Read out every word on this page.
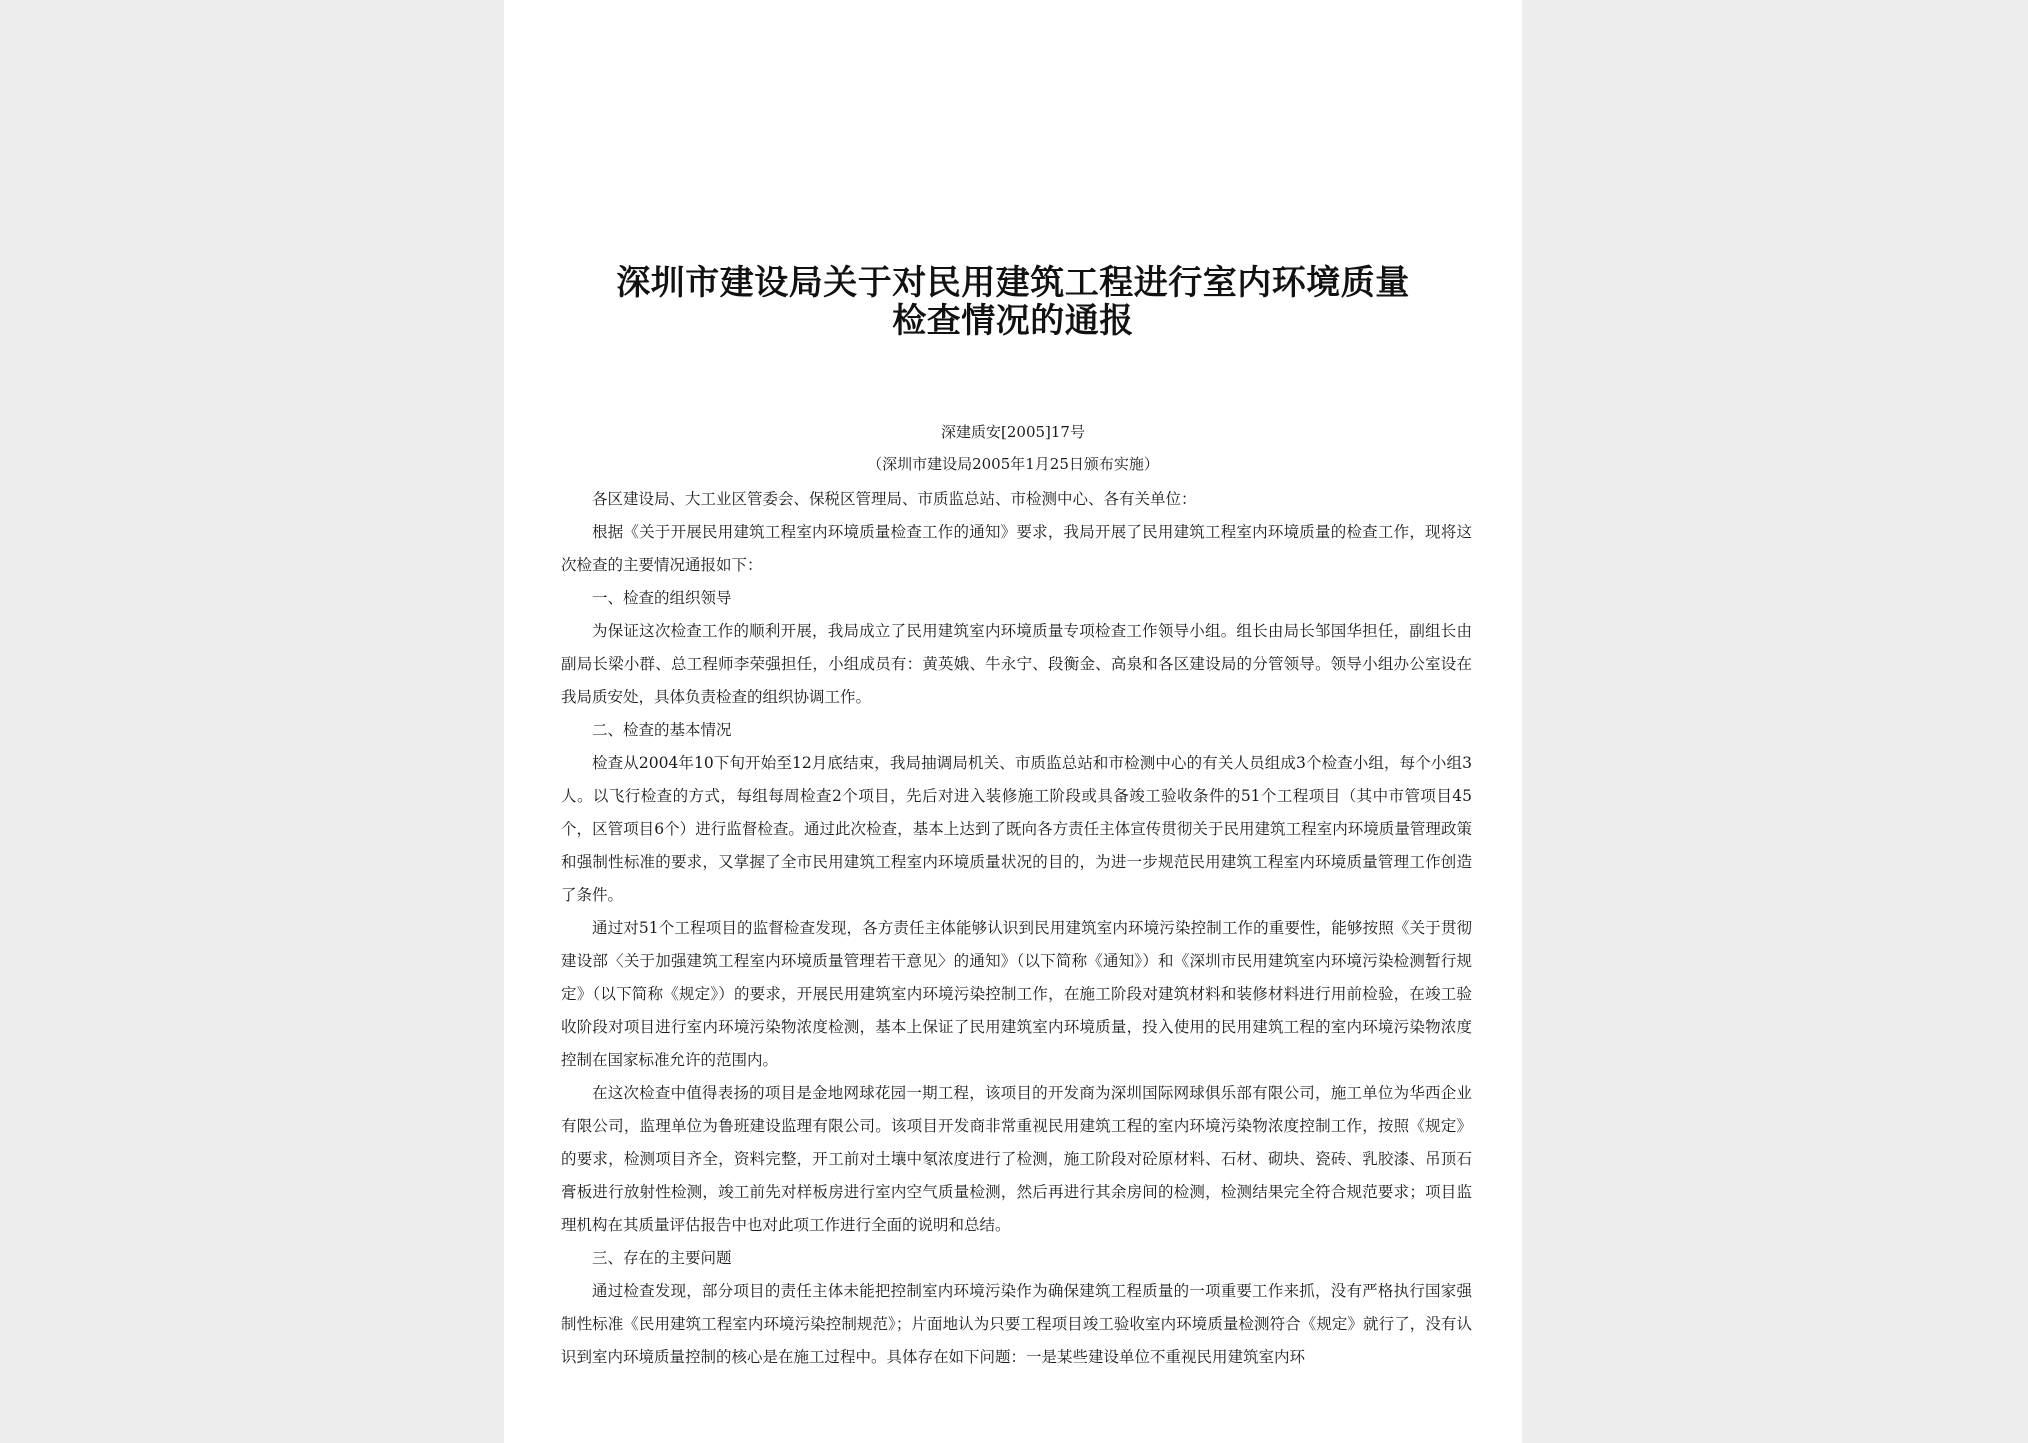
深圳市建设局关于对民用建筑工程进行室内环境质量
检查情况的通报
深建质安[2005]17号
（深圳市建设局2005年1月25日颁布实施）

各区建设局、大工业区管委会、保税区管理局、市质监总站、市检测中心、各有关单位：

根据《关于开展民用建筑工程室内环境质量检查工作的通知》要求，我局开展了民用建筑工程室内环境质量的检查工作，现将这次检查的主要情况通报如下：

一、检查的组织领导

为保证这次检查工作的顺利开展，我局成立了民用建筑室内环境质量专项检查工作领导小组。组长由局长邹国华担任，副组长由副局长梁小群、总工程师李荣强担任，小组成员有：黄英娥、牛永宁、段衡金、高泉和各区建设局的分管领导。领导小组办公室设在我局质安处，具体负责检查的组织协调工作。

二、检查的基本情况

检查从2004年10下旬开始至12月底结束，我局抽调局机关、市质监总站和市检测中心的有关人员组成3个检查小组，每个小组3人。以飞行检查的方式，每组每周检查2个项目，先后对进入装修施工阶段或具备竣工验收条件的51个工程项目（其中市管项目45个，区管项目6个）进行监督检查。通过此次检查，基本上达到了既向各方责任主体宣传贯彻关于民用建筑工程室内环境质量管理政策和强制性标准的要求，又掌握了全市民用建筑工程室内环境质量状况的目的，为进一步规范民用建筑工程室内环境质量管理工作创造了条件。

通过对51个工程项目的监督检查发现，各方责任主体能够认识到民用建筑室内环境污染控制工作的重要性，能够按照《关于贯彻建设部〈关于加强建筑工程室内环境质量管理若干意见〉的通知》（以下简称《通知》）和《深圳市民用建筑室内环境污染检测暂行规定》（以下简称《规定》）的要求，开展民用建筑室内环境污染控制工作，在施工阶段对建筑材料和装修材料进行用前检验，在竣工验收阶段对项目进行室内环境污染物浓度检测，基本上保证了民用建筑室内环境质量，投入使用的民用建筑工程的室内环境污染物浓度控制在国家标准允许的范围内。

在这次检查中值得表扬的项目是金地网球花园一期工程，该项目的开发商为深圳国际网球俱乐部有限公司，施工单位为华西企业有限公司，监理单位为鲁班建设监理有限公司。该项目开发商非常重视民用建筑工程的室内环境污染物浓度控制工作，按照《规定》的要求，检测项目齐全，资料完整，开工前对土壤中氡浓度进行了检测，施工阶段对砼原材料、石材、砌块、瓷砖、乳胶漆、吊顶石膏板进行放射性检测，竣工前先对样板房进行室内空气质量检测，然后再进行其余房间的检测，检测结果完全符合规范要求；项目监理机构在其质量评估报告中也对此项工作进行全面的说明和总结。

三、存在的主要问题

通过检查发现，部分项目的责任主体未能把控制室内环境污染作为确保建筑工程质量的一项重要工作来抓，没有严格执行国家强制性标准《民用建筑工程室内环境污染控制规范》；片面地认为只要工程项目竣工验收室内环境质量检测符合《规定》就行了，没有认识到室内环境质量控制的核心是在施工过程中。具体存在如下问题：一是某些建设单位不重视民用建筑室内环
